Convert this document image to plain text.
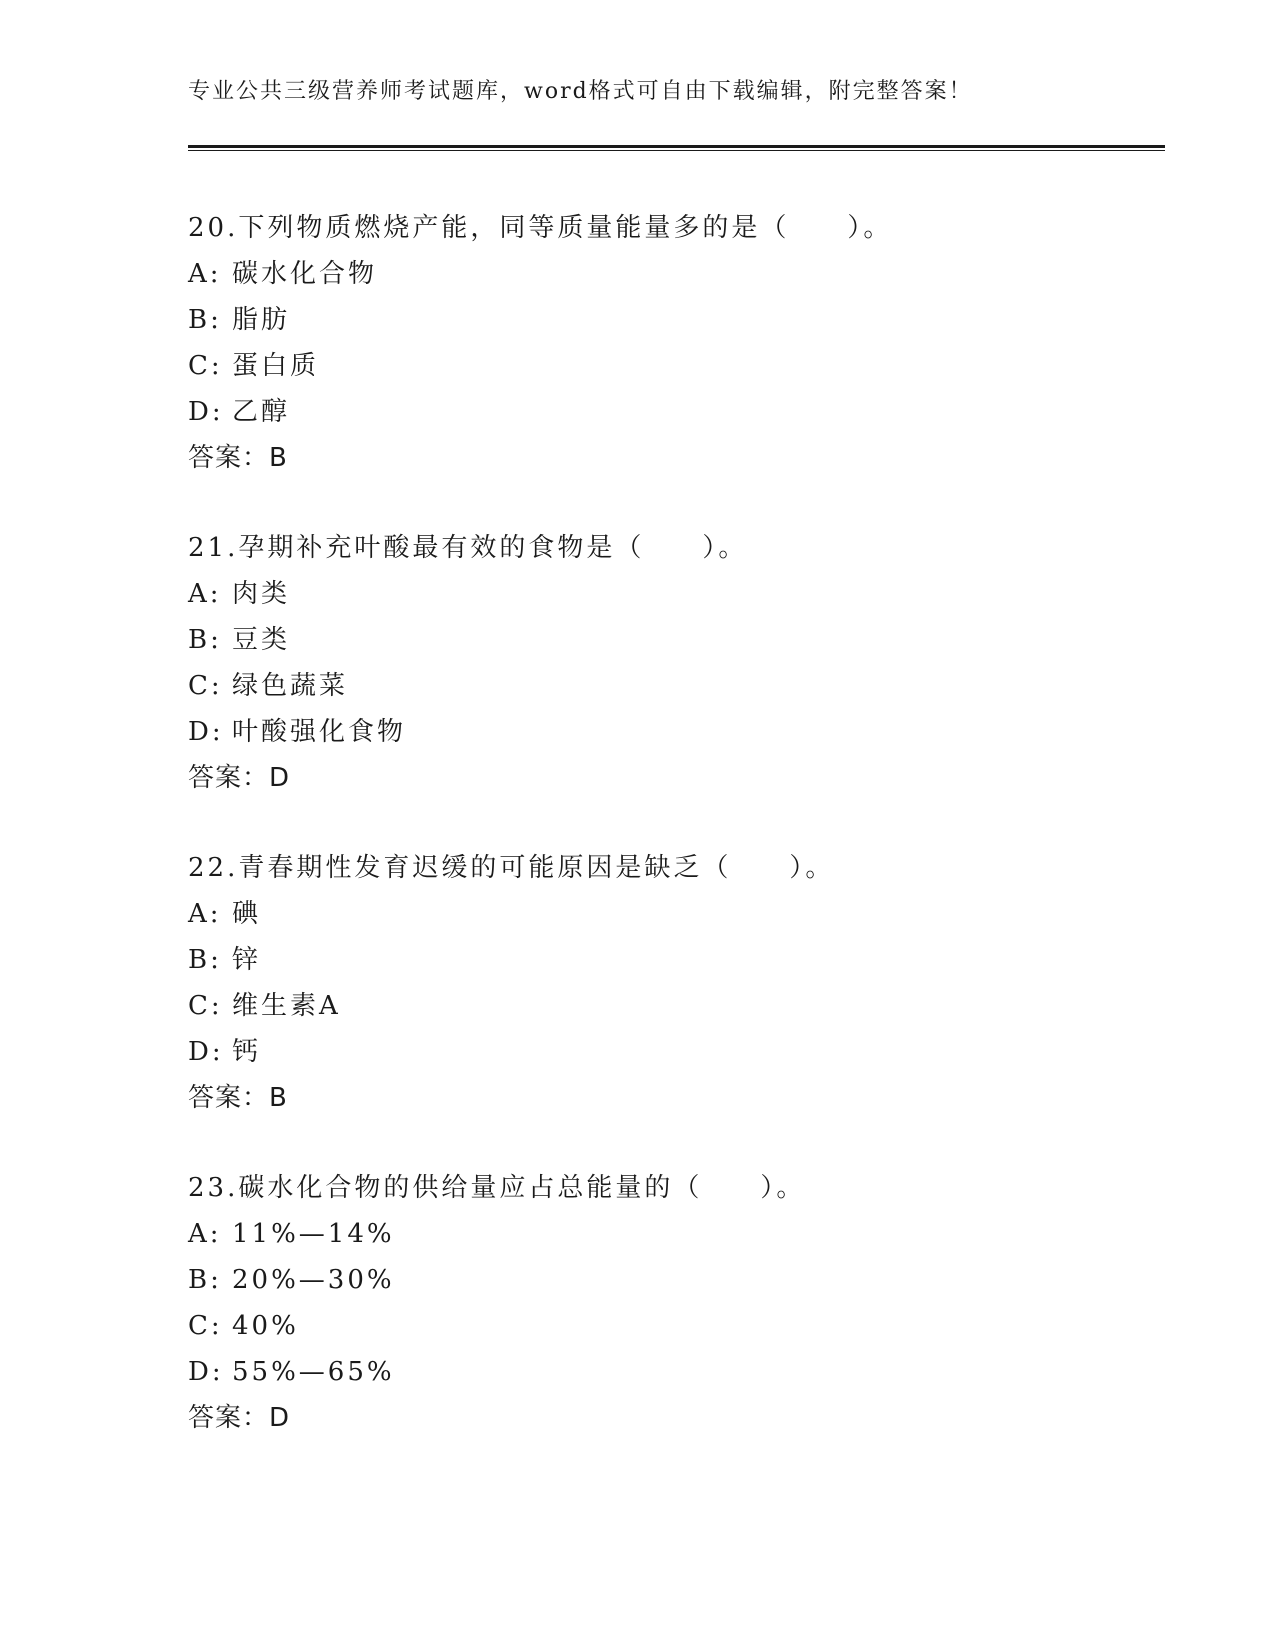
专业公共三级营养师考试题库，word格式可自由下载编辑，附完整答案！
20.下列物质燃烧产能，同等质量能量多的是（　　）。
A: 碳水化合物
B: 脂肪
C: 蛋白质
D: 乙醇
答案：B
21.孕期补充叶酸最有效的食物是（　　）。
A: 肉类
B: 豆类
C: 绿色蔬菜
D: 叶酸强化食物
答案：D
22.青春期性发育迟缓的可能原因是缺乏（　　）。
A: 碘
B: 锌
C: 维生素A
D: 钙
答案：B
23.碳水化合物的供给量应占总能量的（　　）。
A: 11%—14%
B: 20%—30%
C: 40%
D: 55%—65%
答案：D
